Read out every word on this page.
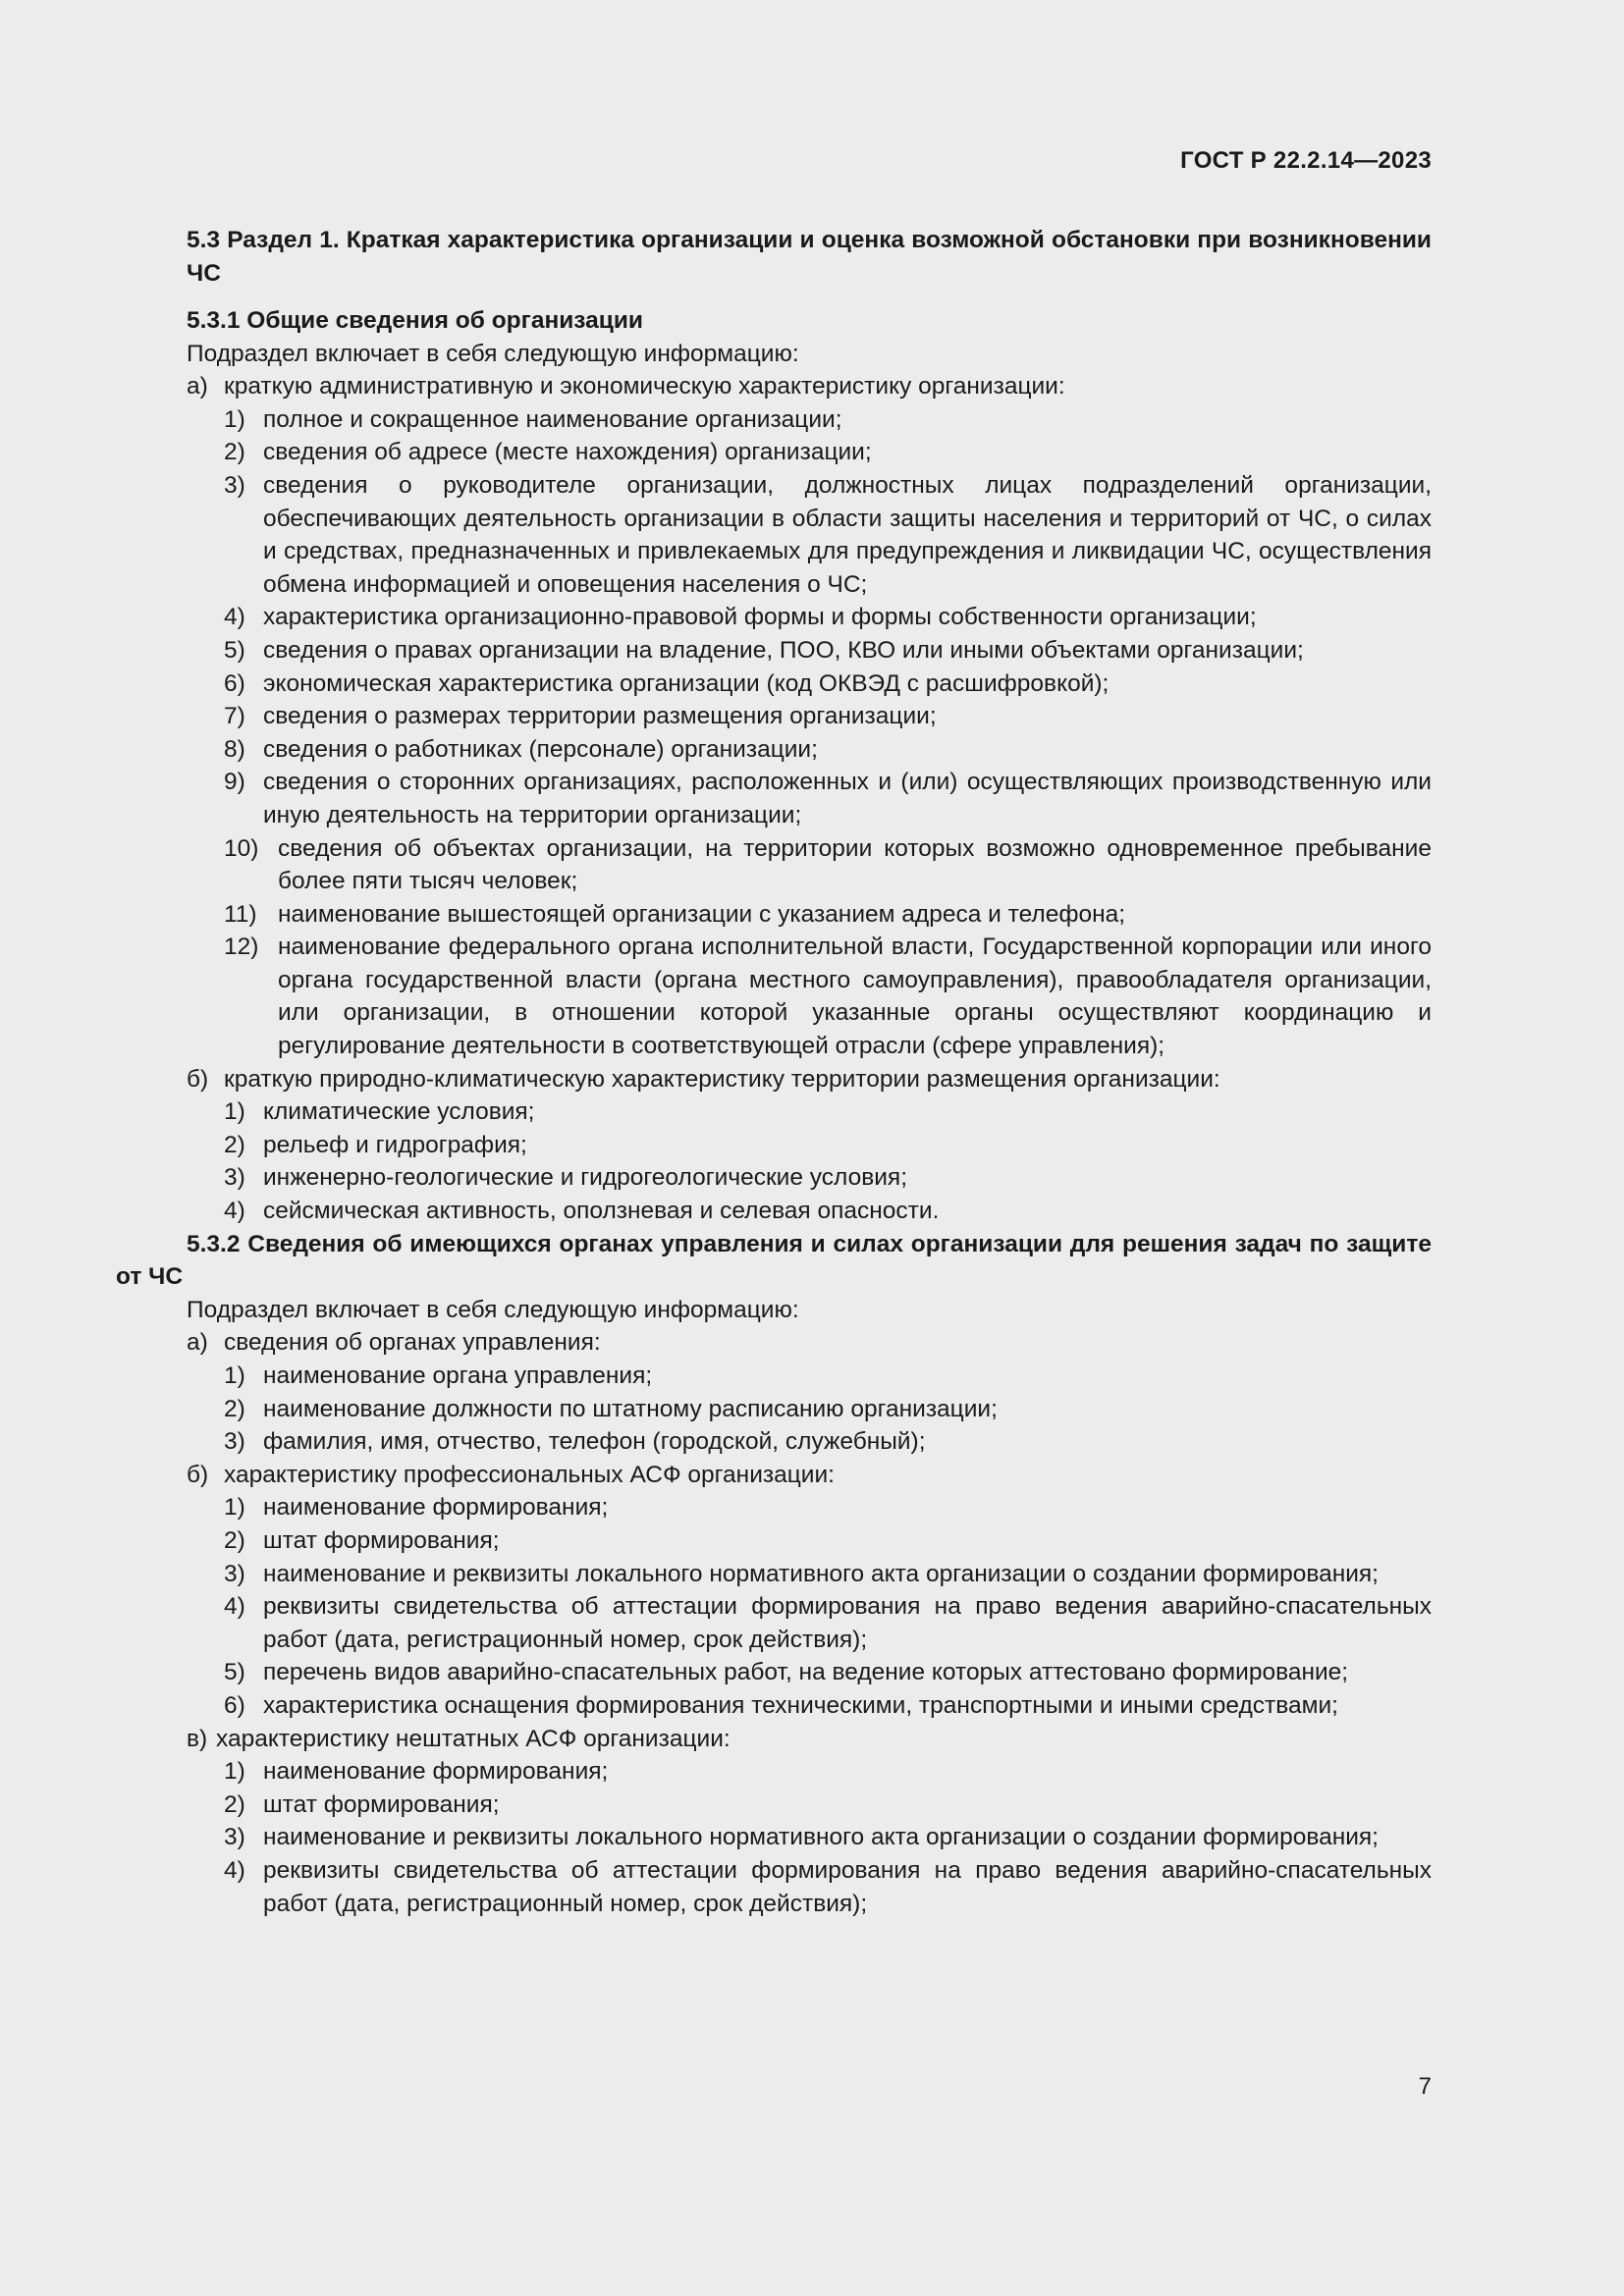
ГОСТ Р 22.2.14—2023
5.3 Раздел 1. Краткая характеристика организации и оценка возможной обстановки при возникновении ЧС
5.3.1 Общие сведения об организации
Подраздел включает в себя следующую информацию:
а) краткую административную и экономическую характеристику организации:
1) полное и сокращенное наименование организации;
2) сведения об адресе (месте нахождения) организации;
3) сведения о руководителе организации, должностных лицах подразделений организации, обеспечивающих деятельность организации в области защиты населения и территорий от ЧС, о силах и средствах, предназначенных и привлекаемых для предупреждения и ликвидации ЧС, осуществления обмена информацией и оповещения населения о ЧС;
4) характеристика организационно-правовой формы и формы собственности организации;
5) сведения о правах организации на владение, ПОО, КВО или иными объектами организации;
6) экономическая характеристика организации (код ОКВЭД с расшифровкой);
7) сведения о размерах территории размещения организации;
8) сведения о работниках (персонале) организации;
9) сведения о сторонних организациях, расположенных и (или) осуществляющих производственную или иную деятельность на территории организации;
10) сведения об объектах организации, на территории которых возможно одновременное пребывание более пяти тысяч человек;
11) наименование вышестоящей организации с указанием адреса и телефона;
12) наименование федерального органа исполнительной власти, Государственной корпорации или иного органа государственной власти (органа местного самоуправления), правообладателя организации, или организации, в отношении которой указанные органы осуществляют координацию и регулирование деятельности в соответствующей отрасли (сфере управления);
б) краткую природно-климатическую характеристику территории размещения организации:
1) климатические условия;
2) рельеф и гидрография;
3) инженерно-геологические и гидрогеологические условия;
4) сейсмическая активность, оползневая и селевая опасности.
5.3.2 Сведения об имеющихся органах управления и силах организации для решения задач по защите от ЧС
Подраздел включает в себя следующую информацию:
а) сведения об органах управления:
1) наименование органа управления;
2) наименование должности по штатному расписанию организации;
3) фамилия, имя, отчество, телефон (городской, служебный);
б) характеристику профессиональных АСФ организации:
1) наименование формирования;
2) штат формирования;
3) наименование и реквизиты локального нормативного акта организации о создании формирования;
4) реквизиты свидетельства об аттестации формирования на право ведения аварийно-спасательных работ (дата, регистрационный номер, срок действия);
5) перечень видов аварийно-спасательных работ, на ведение которых аттестовано формирование;
6) характеристика оснащения формирования техническими, транспортными и иными средствами;
в) характеристику нештатных АСФ организации:
1) наименование формирования;
2) штат формирования;
3) наименование и реквизиты локального нормативного акта организации о создании формирования;
4) реквизиты свидетельства об аттестации формирования на право ведения аварийно-спасательных работ (дата, регистрационный номер, срок действия);
7
